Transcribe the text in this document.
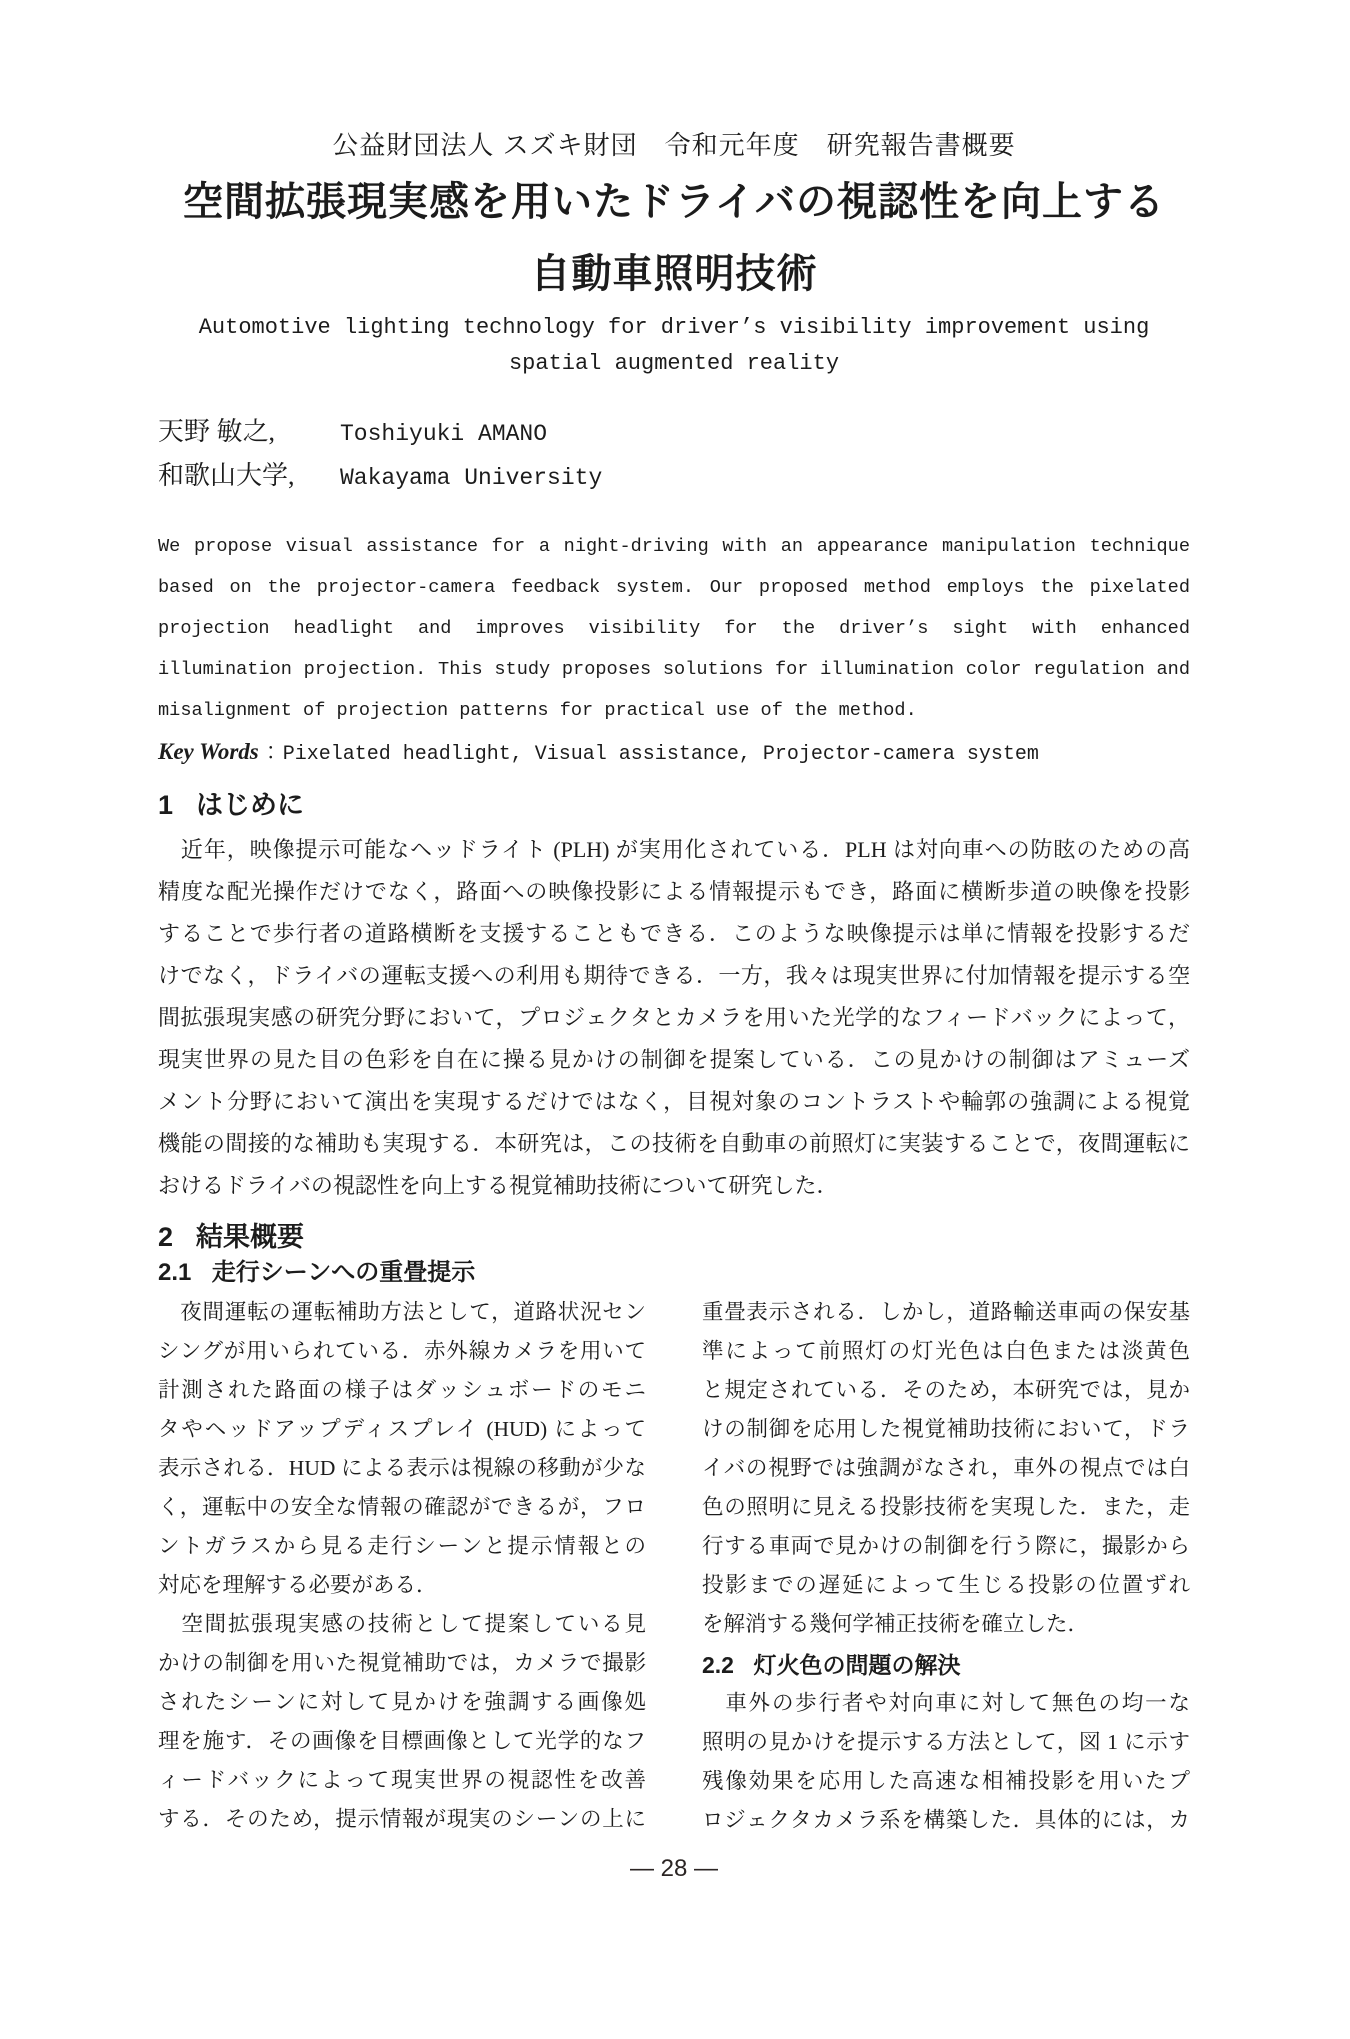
公益財団法人 スズキ財団　令和元年度　研究報告書概要
空間拡張現実感を用いたドライバの視認性を向上する
自動車照明技術
Automotive lighting technology for driver’s visibility improvement using
spatial augmented reality
天野 敏之,	Toshiyuki AMANO
和歌山大学, Wakayama University
We propose visual assistance for a night-driving with an appearance manipulation technique
based on the projector-camera feedback system. Our proposed method employs the pixelated
projection headlight and improves visibility for the driver’s sight with enhanced
illumination projection. This study proposes solutions for illumination color regulation and
misalignment of projection patterns for practical use of the method.
Key Words ： Pixelated headlight, Visual assistance, Projector-camera system
1 はじめに
　近年，映像提示可能なヘッドライト (PLH) が実用化されている．PLH は対向車への防眩のための高
精度な配光操作だけでなく，路面への映像投影による情報提示もでき，路面に横断歩道の映像を投影
することで歩行者の道路横断を支援することもできる．このような映像提示は単に情報を投影するだ
けでなく，ドライバの運転支援への利用も期待できる．一方，我々は現実世界に付加情報を提示する空
間拡張現実感の研究分野において，プロジェクタとカメラを用いた光学的なフィードバックによって，
現実世界の見た目の色彩を自在に操る見かけの制御を提案している．この見かけの制御はアミューズ
メント分野において演出を実現するだけではなく，目視対象のコントラストや輪郭の強調による視覚
機能の間接的な補助も実現する．本研究は，この技術を自動車の前照灯に実装することで，夜間運転に
おけるドライバの視認性を向上する視覚補助技術について研究した．
2 結果概要
2.1 走行シーンへの重畳提示
　夜間運転の運転補助方法として，道路状況セン
シングが用いられている．赤外線カメラを用いて
計測された路面の様子はダッシュボードのモニ
タやヘッドアップディスプレイ (HUD) によって
表示される．HUD による表示は視線の移動が少な
く，運転中の安全な情報の確認ができるが，フロ
ントガラスから見る走行シーンと提示情報との
対応を理解する必要がある．
　空間拡張現実感の技術として提案している見
かけの制御を用いた視覚補助では，カメラで撮影
されたシーンに対して見かけを強調する画像処
理を施す．その画像を目標画像として光学的なフ
ィードバックによって現実世界の視認性を改善
する．そのため，提示情報が現実のシーンの上に
重畳表示される．しかし，道路輸送車両の保安基
準によって前照灯の灯光色は白色または淡黄色
と規定されている．そのため，本研究では，見か
けの制御を応用した視覚補助技術において，ドラ
イバの視野では強調がなされ，車外の視点では白
色の照明に見える投影技術を実現した．また，走
行する車両で見かけの制御を行う際に，撮影から
投影までの遅延によって生じる投影の位置ずれ
を解消する幾何学補正技術を確立した．
2.2 灯火色の問題の解決
　車外の歩行者や対向車に対して無色の均一な
照明の見かけを提示する方法として，図 1 に示す
残像効果を応用した高速な相補投影を用いたプ
ロジェクタカメラ系を構築した．具体的には，カ
— 28 —
